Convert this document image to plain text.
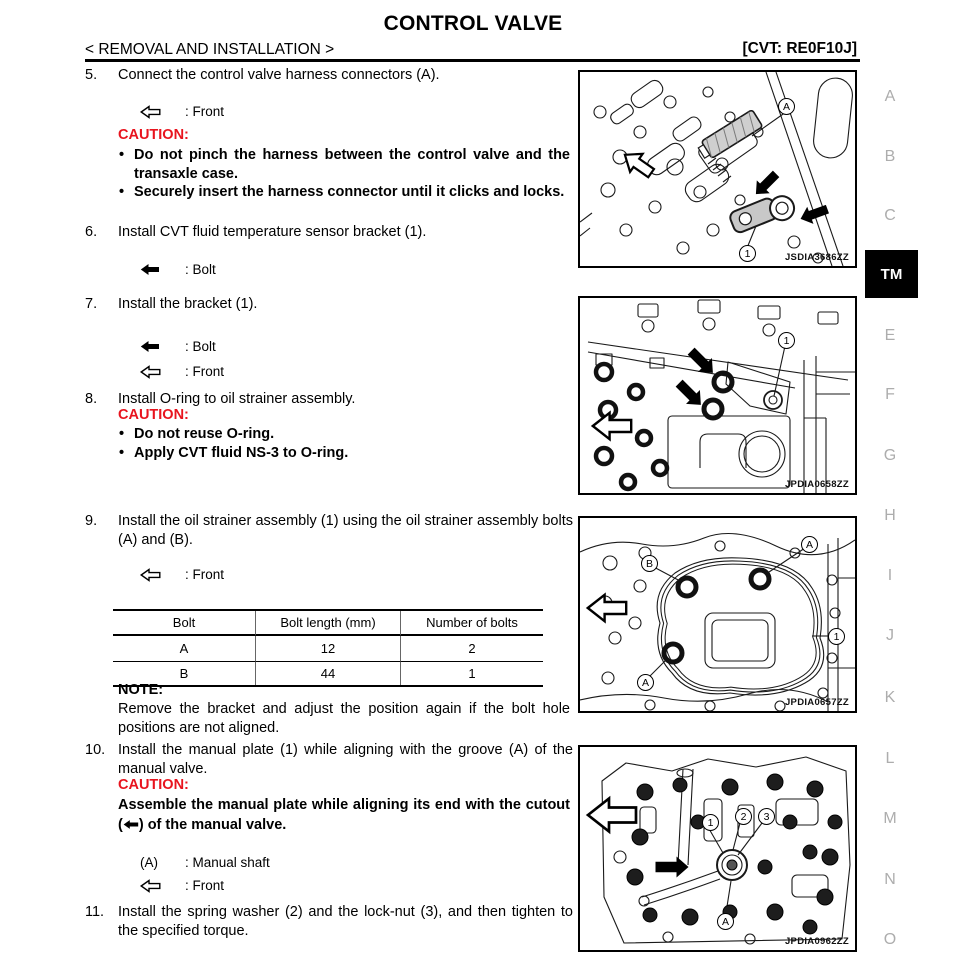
CONTROL VALVE
< REMOVAL AND INSTALLATION >	[CVT: RE0F10J]
5. Connect the control valve harness connectors (A).
: Front
CAUTION:
• Do not pinch the harness between the control valve and the transaxle case.
• Securely insert the harness connector until it clicks and locks.
6. Install CVT fluid temperature sensor bracket (1).
: Bolt
7. Install the bracket (1).
: Bolt
: Front
8. Install O-ring to oil strainer assembly.
CAUTION:
• Do not reuse O-ring.
• Apply CVT fluid NS-3 to O-ring.
9. Install the oil strainer assembly (1) using the oil strainer assembly bolts (A) and (B).
: Front
Bolt	Bolt length (mm)	Number of bolts
A	12	2
B	44	1
NOTE:
Remove the bracket and adjust the position again if the bolt hole positions are not aligned.
10. Install the manual plate (1) while aligning with the groove (A) of the manual valve.
CAUTION:
Assemble the manual plate while aligning its end with the cutout ( ) of the manual valve.
(A) : Manual shaft
: Front
11. Install the spring washer (2) and the lock-nut (3), and then tighten to the specified torque.
A
1	JSDIA3686ZZ
1
JPDIA0658ZZ
A
B
A
1
JPDIA0657ZZ
1	2	3
A
JPDIA0962ZZ
A
B
C
TM
E
F
G
H
I
J
K
L
M
N
O
